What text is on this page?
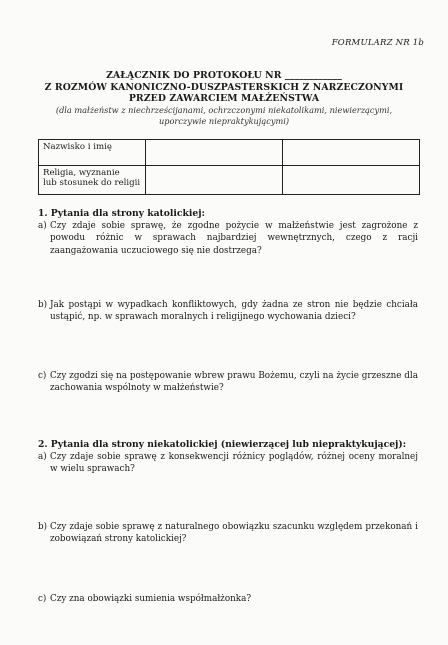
FORMULARZ NR 1b
ZAŁĄCZNIK DO PROTOKOŁU NR ____________
Z ROZMÓW KANONICZNO-DUSZPASTERSKICH Z NARZECZONYMI
PRZED ZAWARCIEM MAŁŻEŃSTWA
(dla małżeństw z niechrześcijanami, ochrzczonymi niekatolikami, niewierzącymi,
uporczywie niepraktykującymi)
Nazwisko i imię		

Religia, wyznanie
lub stosunek do religii		

1. Pytania dla strony katolickiej:
a) Czy zdaje sobie sprawę, że zgodne pożycie w małżeństwie jest zagrożone z powodu różnic w sprawach najbardziej wewnętrznych, czego z racji zaangażowania uczuciowego się nie dostrzega?
b) Jak postąpi w wypadkach konfliktowych, gdy żadna ze stron nie będzie chciała ustąpić, np. w sprawach moralnych i religijnego wychowania dzieci?
c) Czy zgodzi się na postępowanie wbrew prawu Bożemu, czyli na życie grzeszne dla zachowania wspólnoty w małżeństwie?
2. Pytania dla strony niekatolickiej (niewierzącej lub niepraktykującej):
a) Czy zdaje sobie sprawę z konsekwencji różnicy poglądów, różnej oceny moralnej w wielu sprawach?
b) Czy zdaje sobie sprawę z naturalnego obowiązku szacunku względem przekonań i zobowiązań strony katolickiej?
c) Czy zna obowiązki sumienia współmałżonka?
